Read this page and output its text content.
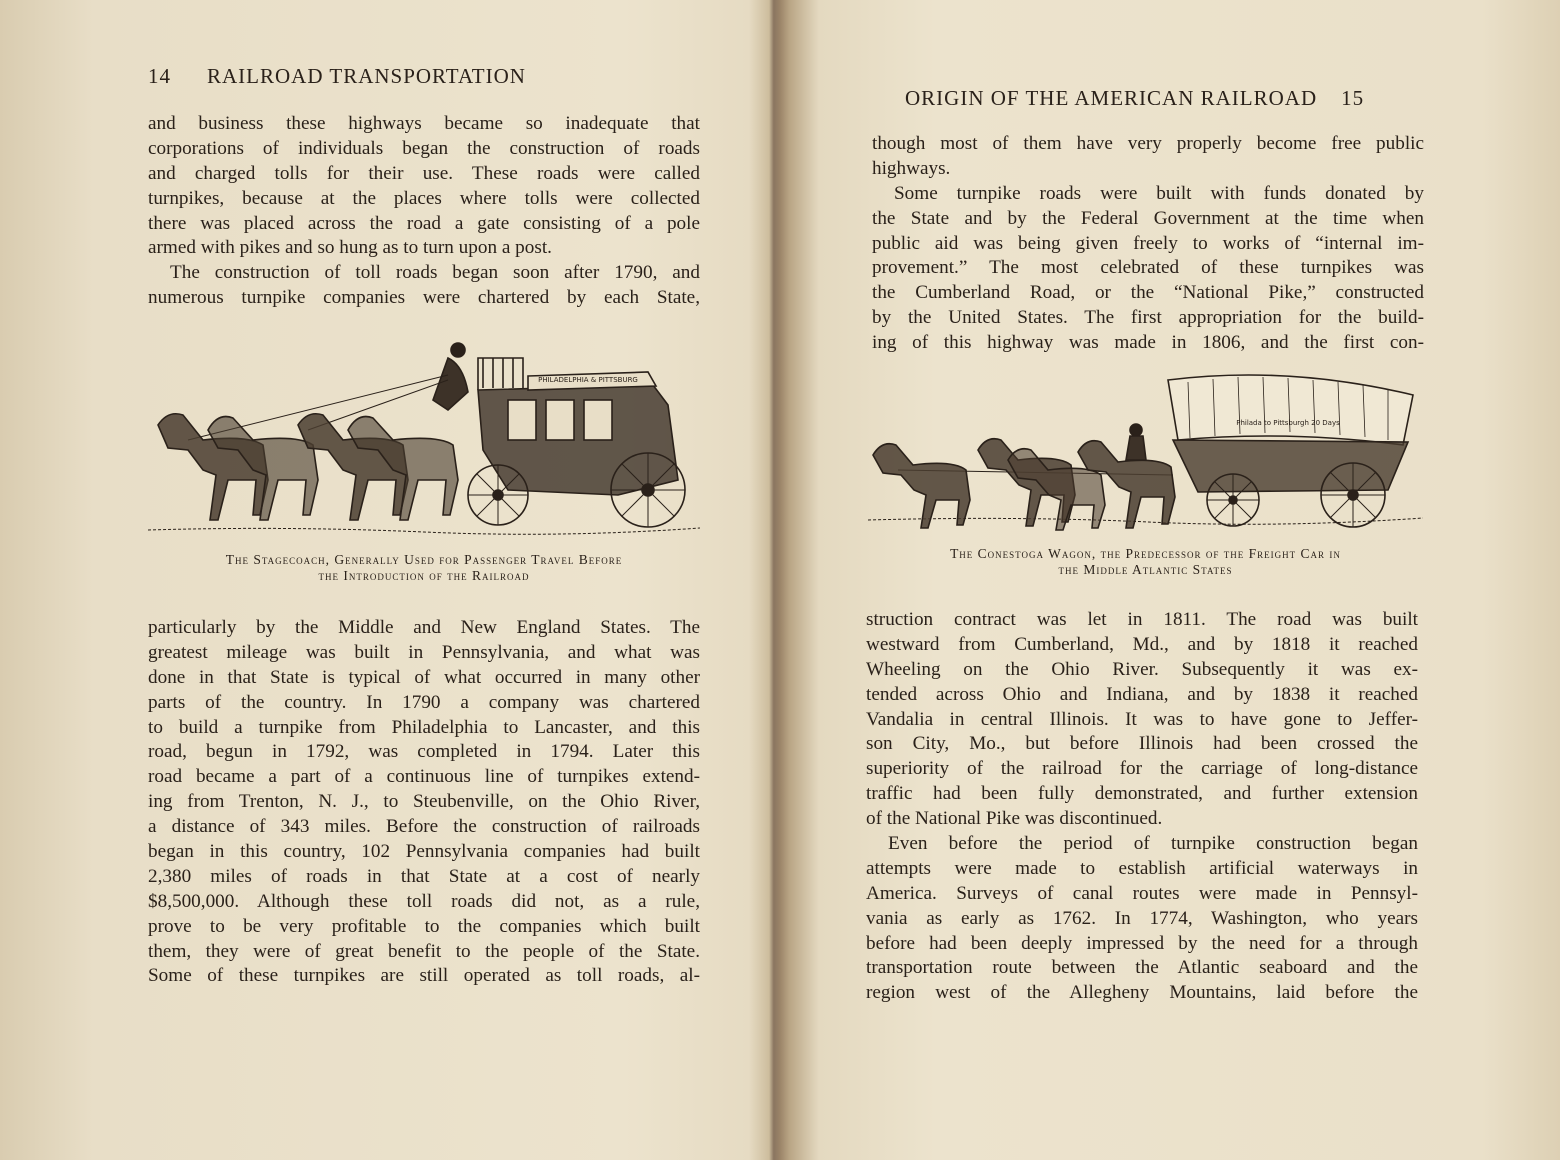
14 RAILROAD TRANSPORTATION
and business these highways became so inadequate that
corporations of individuals began the construction of roads
and charged tolls for their use. These roads were called
turnpikes, because at the places where tolls were collected
there was placed across the road a gate consisting of a pole
armed with pikes and so hung as to turn upon a post.
The construction of toll roads began soon after 1790, and
numerous turnpike companies were chartered by each State,
PHILADELPHIA & PITTSBURG
The Stagecoach, Generally Used for Passenger Travel Before
the Introduction of the Railroad
particularly by the Middle and New England States. The
greatest mileage was built in Pennsylvania, and what was
done in that State is typical of what occurred in many other
parts of the country. In 1790 a company was chartered
to build a turnpike from Philadelphia to Lancaster, and this
road, begun in 1792, was completed in 1794. Later this
road became a part of a continuous line of turnpikes extend-
ing from Trenton, N. J., to Steubenville, on the Ohio River,
a distance of 343 miles. Before the construction of railroads
began in this country, 102 Pennsylvania companies had built
2,380 miles of roads in that State at a cost of nearly
$8,500,000. Although these toll roads did not, as a rule,
prove to be very profitable to the companies which built
them, they were of great benefit to the people of the State.
Some of these turnpikes are still operated as toll roads, al-
ORIGIN OF THE AMERICAN RAILROAD 15
though most of them have very properly become free public
highways.
Some turnpike roads were built with funds donated by
the State and by the Federal Government at the time when
public aid was being given freely to works of “internal im-
provement.” The most celebrated of these turnpikes was
the Cumberland Road, or the “National Pike,” constructed
by the United States. The first appropriation for the build-
ing of this highway was made in 1806, and the first con-
Philada to Pittsburgh 20 Days
The Conestoga Wagon, the Predecessor of the Freight Car in
the Middle Atlantic States
struction contract was let in 1811. The road was built
westward from Cumberland, Md., and by 1818 it reached
Wheeling on the Ohio River. Subsequently it was ex-
tended across Ohio and Indiana, and by 1838 it reached
Vandalia in central Illinois. It was to have gone to Jeffer-
son City, Mo., but before Illinois had been crossed the
superiority of the railroad for the carriage of long-distance
traffic had been fully demonstrated, and further extension
of the National Pike was discontinued.
Even before the period of turnpike construction began
attempts were made to establish artificial waterways in
America. Surveys of canal routes were made in Pennsyl-
vania as early as 1762. In 1774, Washington, who years
before had been deeply impressed by the need for a through
transportation route between the Atlantic seaboard and the
region west of the Allegheny Mountains, laid before the
